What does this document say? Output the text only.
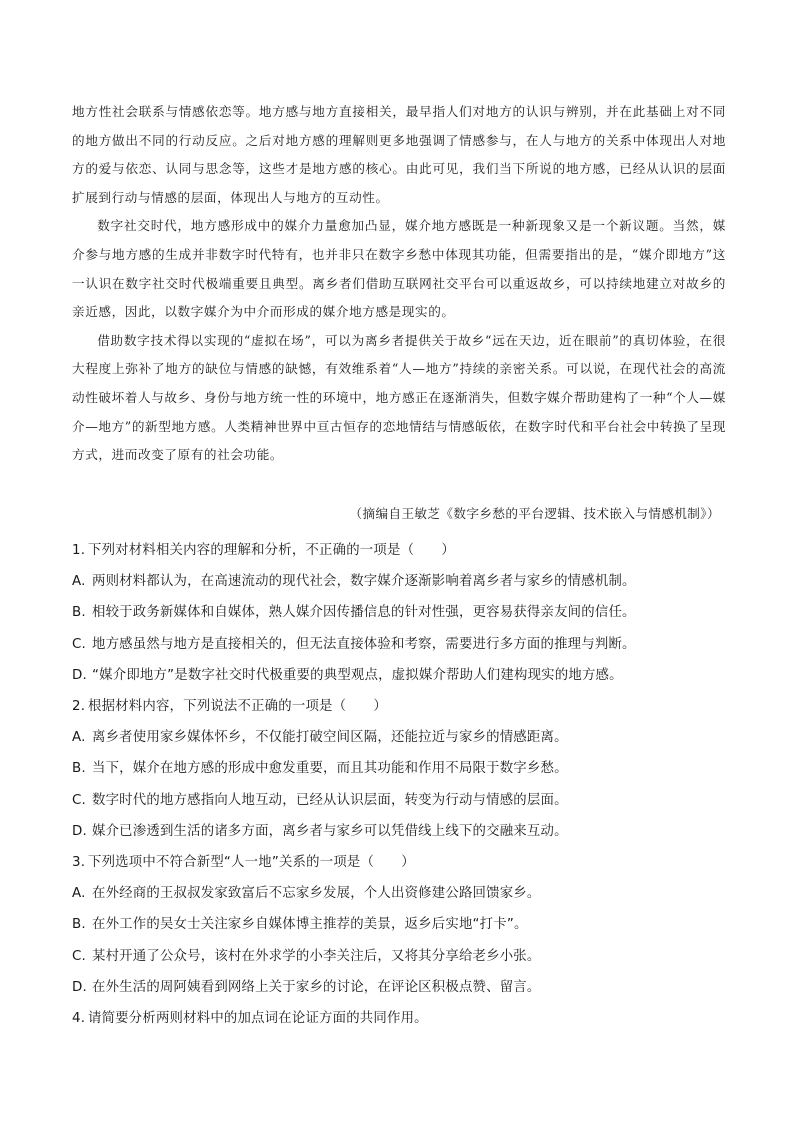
地方性社会联系与情感依恋等。地方感与地方直接相关，最早指人们对地方的认识与辨别，并在此基础上对不同的地方做出不同的行动反应。之后对地方感的理解则更多地强调了情感参与，在人与地方的关系中体现出人对地方的爱与依恋、认同与思念等，这些才是地方感的核心。由此可见，我们当下所说的地方感，已经从认识的层面扩展到行动与情感的层面，体现出人与地方的互动性。

数字社交时代，地方感形成中的媒介力量愈加凸显，媒介地方感既是一种新现象又是一个新议题。当然，媒介参与地方感的生成并非数字时代特有，也并非只在数字乡愁中体现其功能，但需要指出的是，“媒介即地方”这一认识在数字社交时代极端重要且典型。离乡者们借助互联网社交平台可以重返故乡，可以持续地建立对故乡的亲近感，因此，以数字媒介为中介而形成的媒介地方感是现实的。

借助数字技术得以实现的“虚拟在场”，可以为离乡者提供关于故乡“远在天边，近在眼前”的真切体验，在很大程度上弥补了地方的缺位与情感的缺憾，有效维系着“人—地方”持续的亲密关系。可以说，在现代社会的高流动性破坏着人与故乡、身份与地方统一性的环境中，地方感正在逐渐消失，但数字媒介帮助建构了一种“个人—媒介—地方”的新型地方感。人类精神世界中亘古恒存的恋地情结与情感皈依，在数字时代和平台社会中转换了呈现方式，进而改变了原有的社会功能。

（摘编自王敏芝《数字乡愁的平台逻辑、技术嵌入与情感机制》）

1. 下列对材料相关内容的理解和分析，不正确的一项是（　　）

A. 两则材料都认为，在高速流动的现代社会，数字媒介逐渐影响着离乡者与家乡的情感机制。

B. 相较于政务新媒体和自媒体，熟人媒介因传播信息的针对性强，更容易获得亲友间的信任。

C. 地方感虽然与地方是直接相关的，但无法直接体验和考察，需要进行多方面的推理与判断。

D. “媒介即地方”是数字社交时代极重要的典型观点，虚拟媒介帮助人们建构现实的地方感。

2. 根据材料内容，下列说法不正确的一项是（　　）

A. 离乡者使用家乡媒体怀乡，不仅能打破空间区隔，还能拉近与家乡的情感距离。

B. 当下，媒介在地方感的形成中愈发重要，而且其功能和作用不局限于数字乡愁。

C. 数字时代的地方感指向人地互动，已经从认识层面，转变为行动与情感的层面。

D. 媒介已渗透到生活的诸多方面，离乡者与家乡可以凭借线上线下的交融来互动。

3. 下列选项中不符合新型“人一地”关系的一项是（　　）

A. 在外经商的王叔叔发家致富后不忘家乡发展，个人出资修建公路回馈家乡。

B. 在外工作的吴女士关注家乡自媒体博主推荐的美景，返乡后实地“打卡”。

C. 某村开通了公众号，该村在外求学的小李关注后，又将其分享给老乡小张。

D. 在外生活的周阿姨看到网络上关于家乡的讨论，在评论区积极点赞、留言。

4. 请简要分析两则材料中的加点词在论证方面的共同作用。
